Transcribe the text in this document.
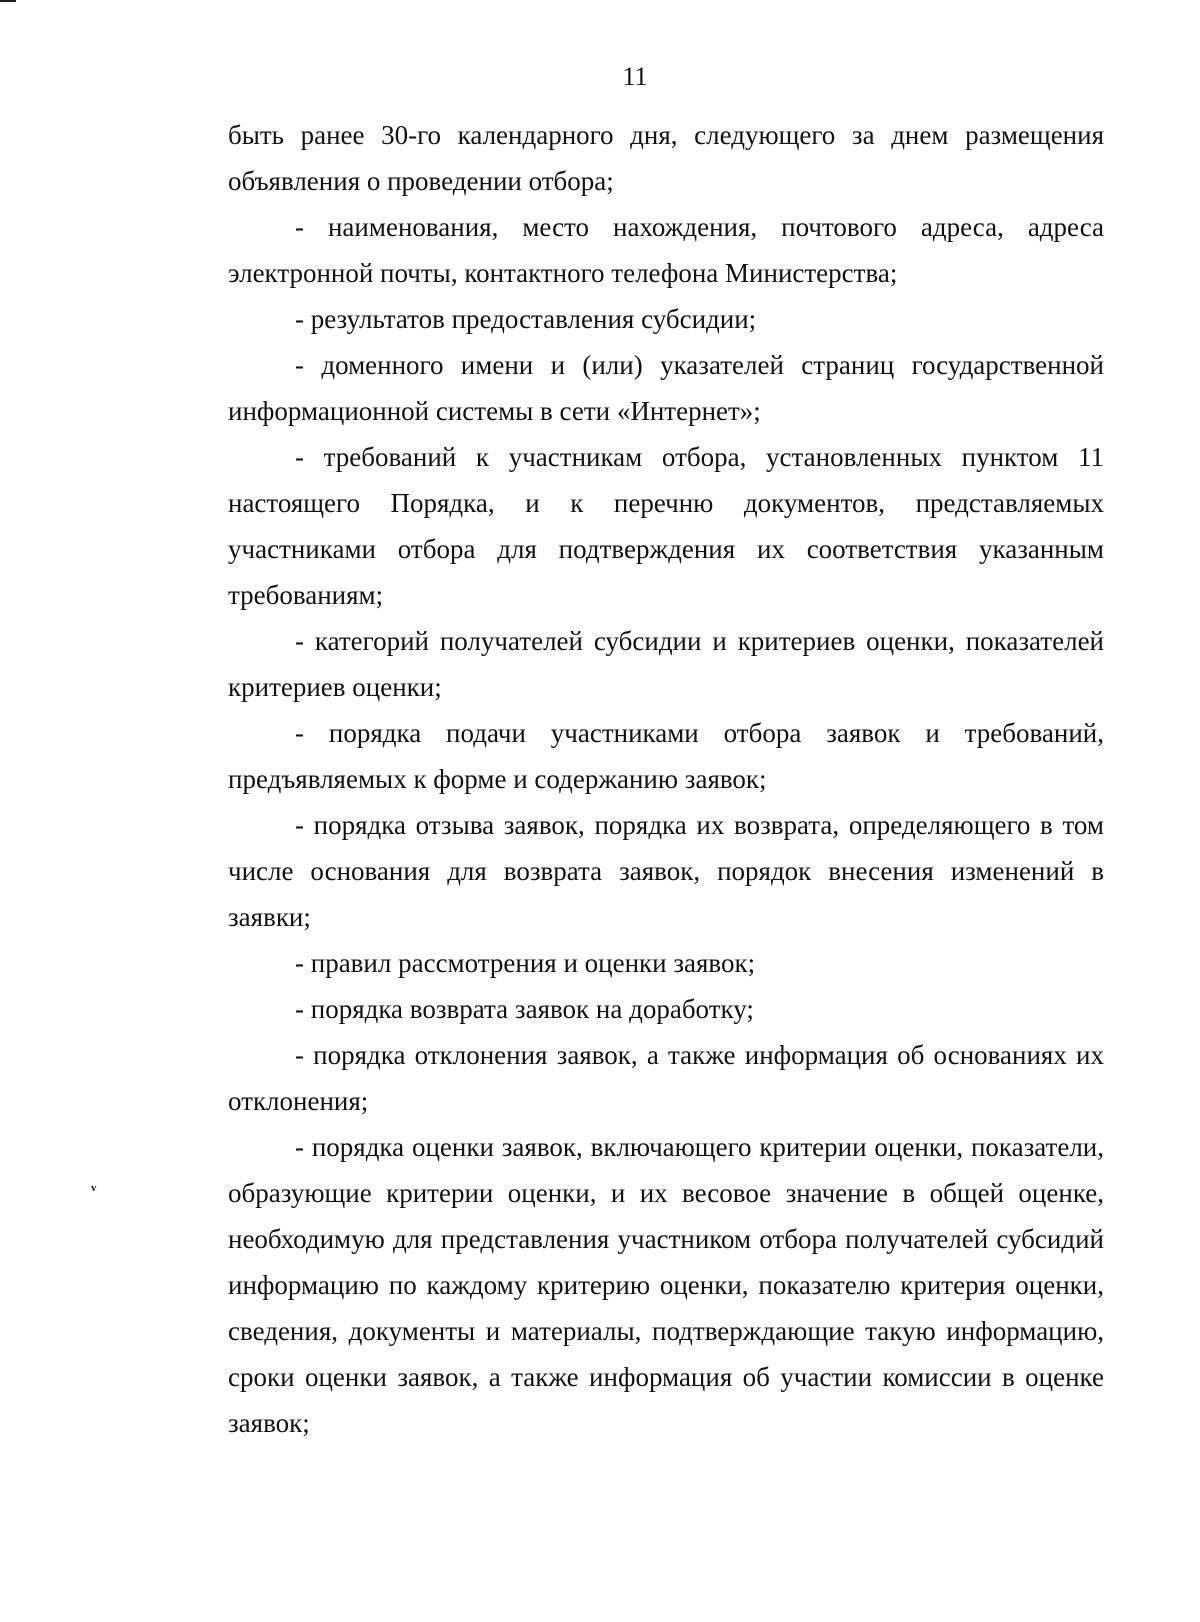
11

быть ранее 30-го календарного дня, следующего за днем размещения объявления о проведении отбора;

- наименования, место нахождения, почтового адреса, адреса электронной почты, контактного телефона Министерства;

- результатов предоставления субсидии;

- доменного имени и (или) указателей страниц государственной информационной системы в сети «Интернет»;

- требований к участникам отбора, установленных пунктом 11 настоящего Порядка, и к перечню документов, представляемых участниками отбора для подтверждения их соответствия указанным требованиям;

- категорий получателей субсидии и критериев оценки, показателей критериев оценки;

- порядка подачи участниками отбора заявок и требований, предъявляемых к форме и содержанию заявок;

- порядка отзыва заявок, порядка их возврата, определяющего в том числе основания для возврата заявок, порядок внесения изменений в заявки;

- правил рассмотрения и оценки заявок;

- порядка возврата заявок на доработку;

- порядка отклонения заявок, а также информация об основаниях их отклонения;

- порядка оценки заявок, включающего критерии оценки, показатели, образующие критерии оценки, и их весовое значение в общей оценке, необходимую для представления участником отбора получателей субсидий информацию по каждому критерию оценки, показателю критерия оценки, сведения, документы и материалы, подтверждающие такую информацию, сроки оценки заявок, а также информация об участии комиссии в оценке заявок;

ᵛ
